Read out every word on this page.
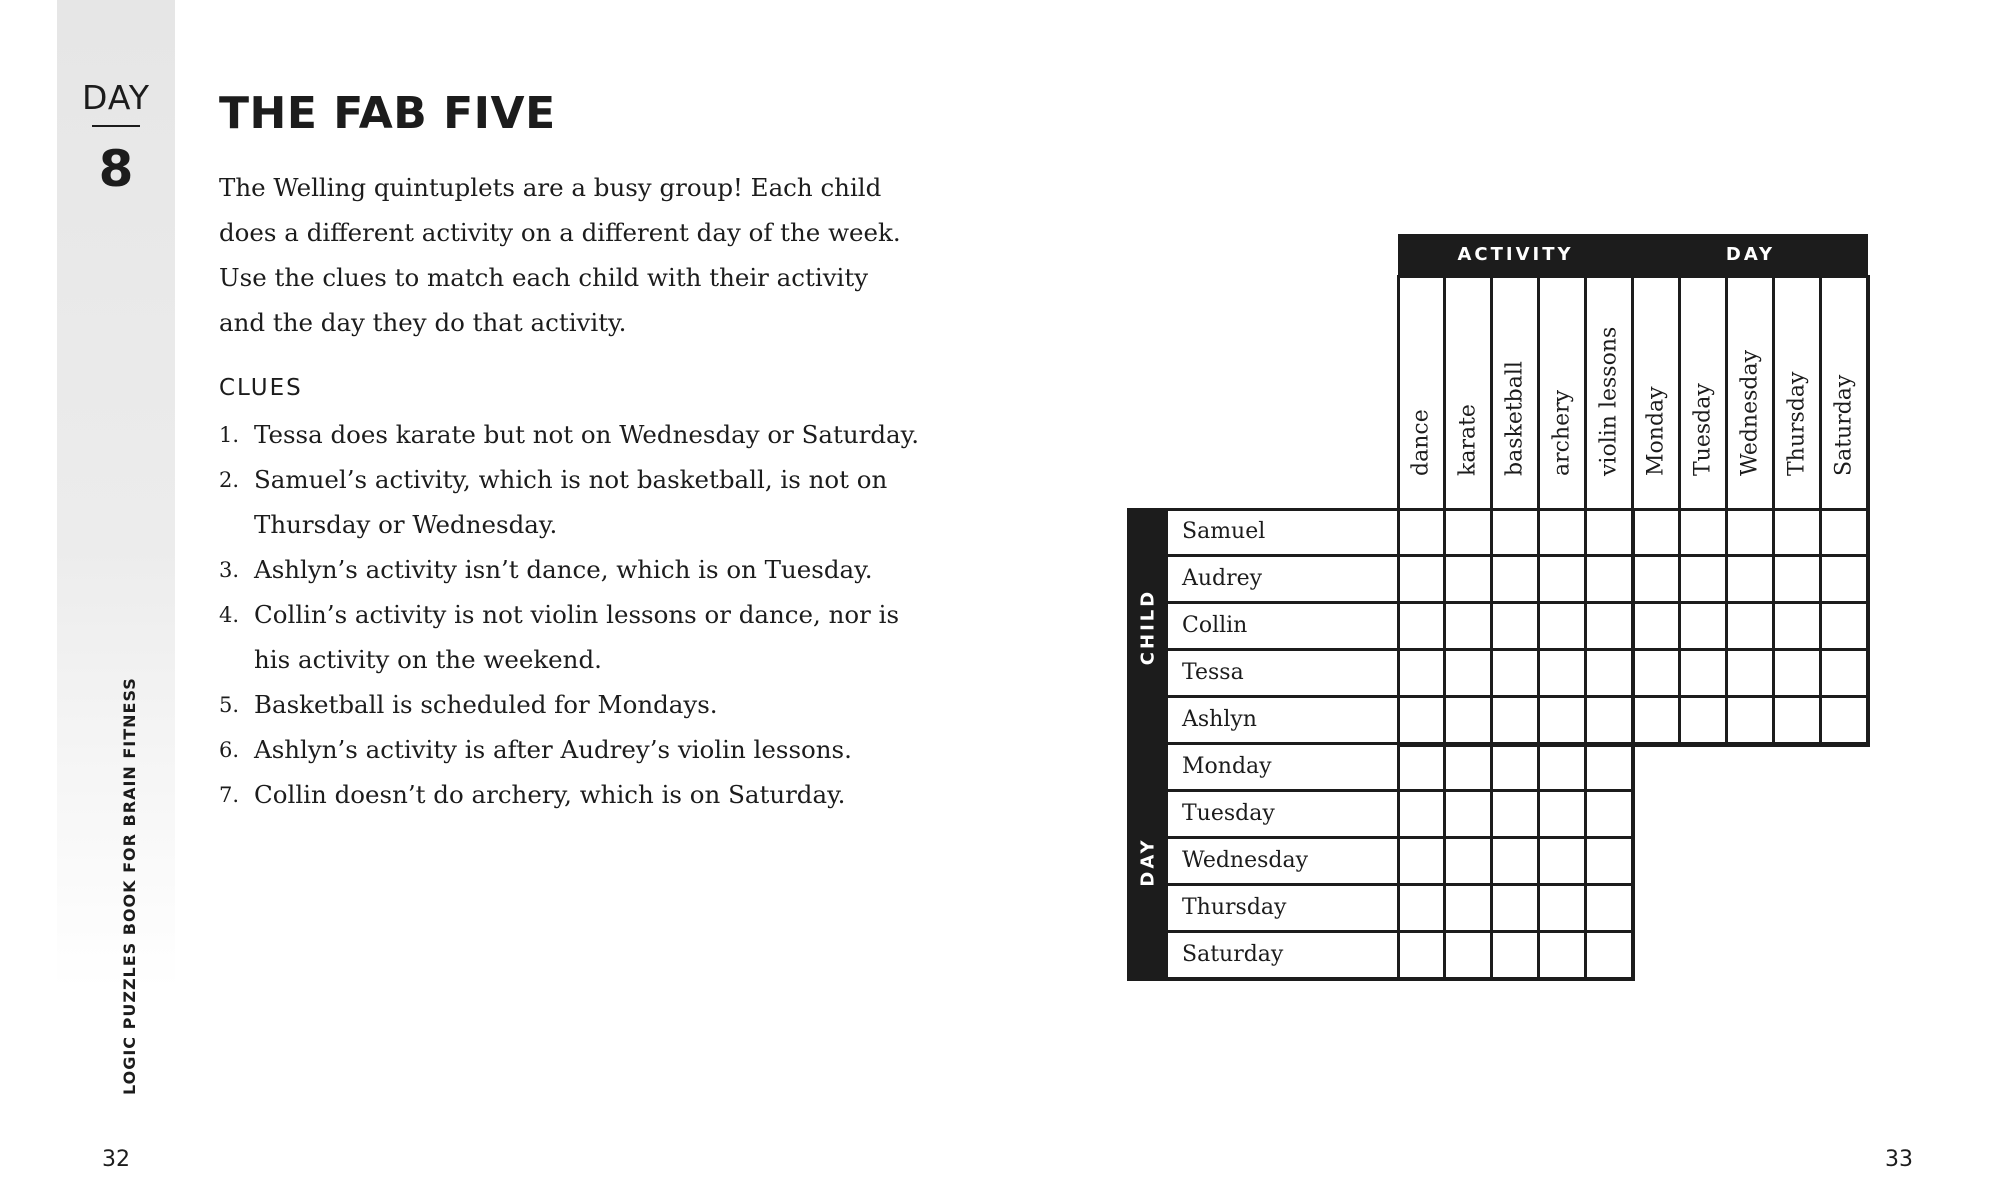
DAY
8
LOGIC PUZZLES BOOK FOR BRAIN FITNESS
32	33
THE FAB FIVE

The Welling quintuplets are a busy group! Each child does a different activity on a different day of the week. Use the clues to match each child with their activity and the day they do that activity.

CLUES
1. Tessa does karate but not on Wednesday or Saturday.
2. Samuel’s activity, which is not basketball, is not on Thursday or Wednesday.
3. Ashlyn’s activity isn’t dance, which is on Tuesday.
4. Collin’s activity is not violin lessons or dance, nor is his activity on the weekend.
5. Basketball is scheduled for Mondays.
6. Ashlyn’s activity is after Audrey’s violin lessons.
7. Collin doesn’t do archery, which is on Saturday.
ACTIVITY	DAY
CHILD
DAY
dance karate basketball archery violin lessons Monday Tuesday Wednesday Thursday Saturday
Samuel
Audrey
Collin
Tessa
Ashlyn
Monday
Tuesday
Wednesday
Thursday
Saturday
